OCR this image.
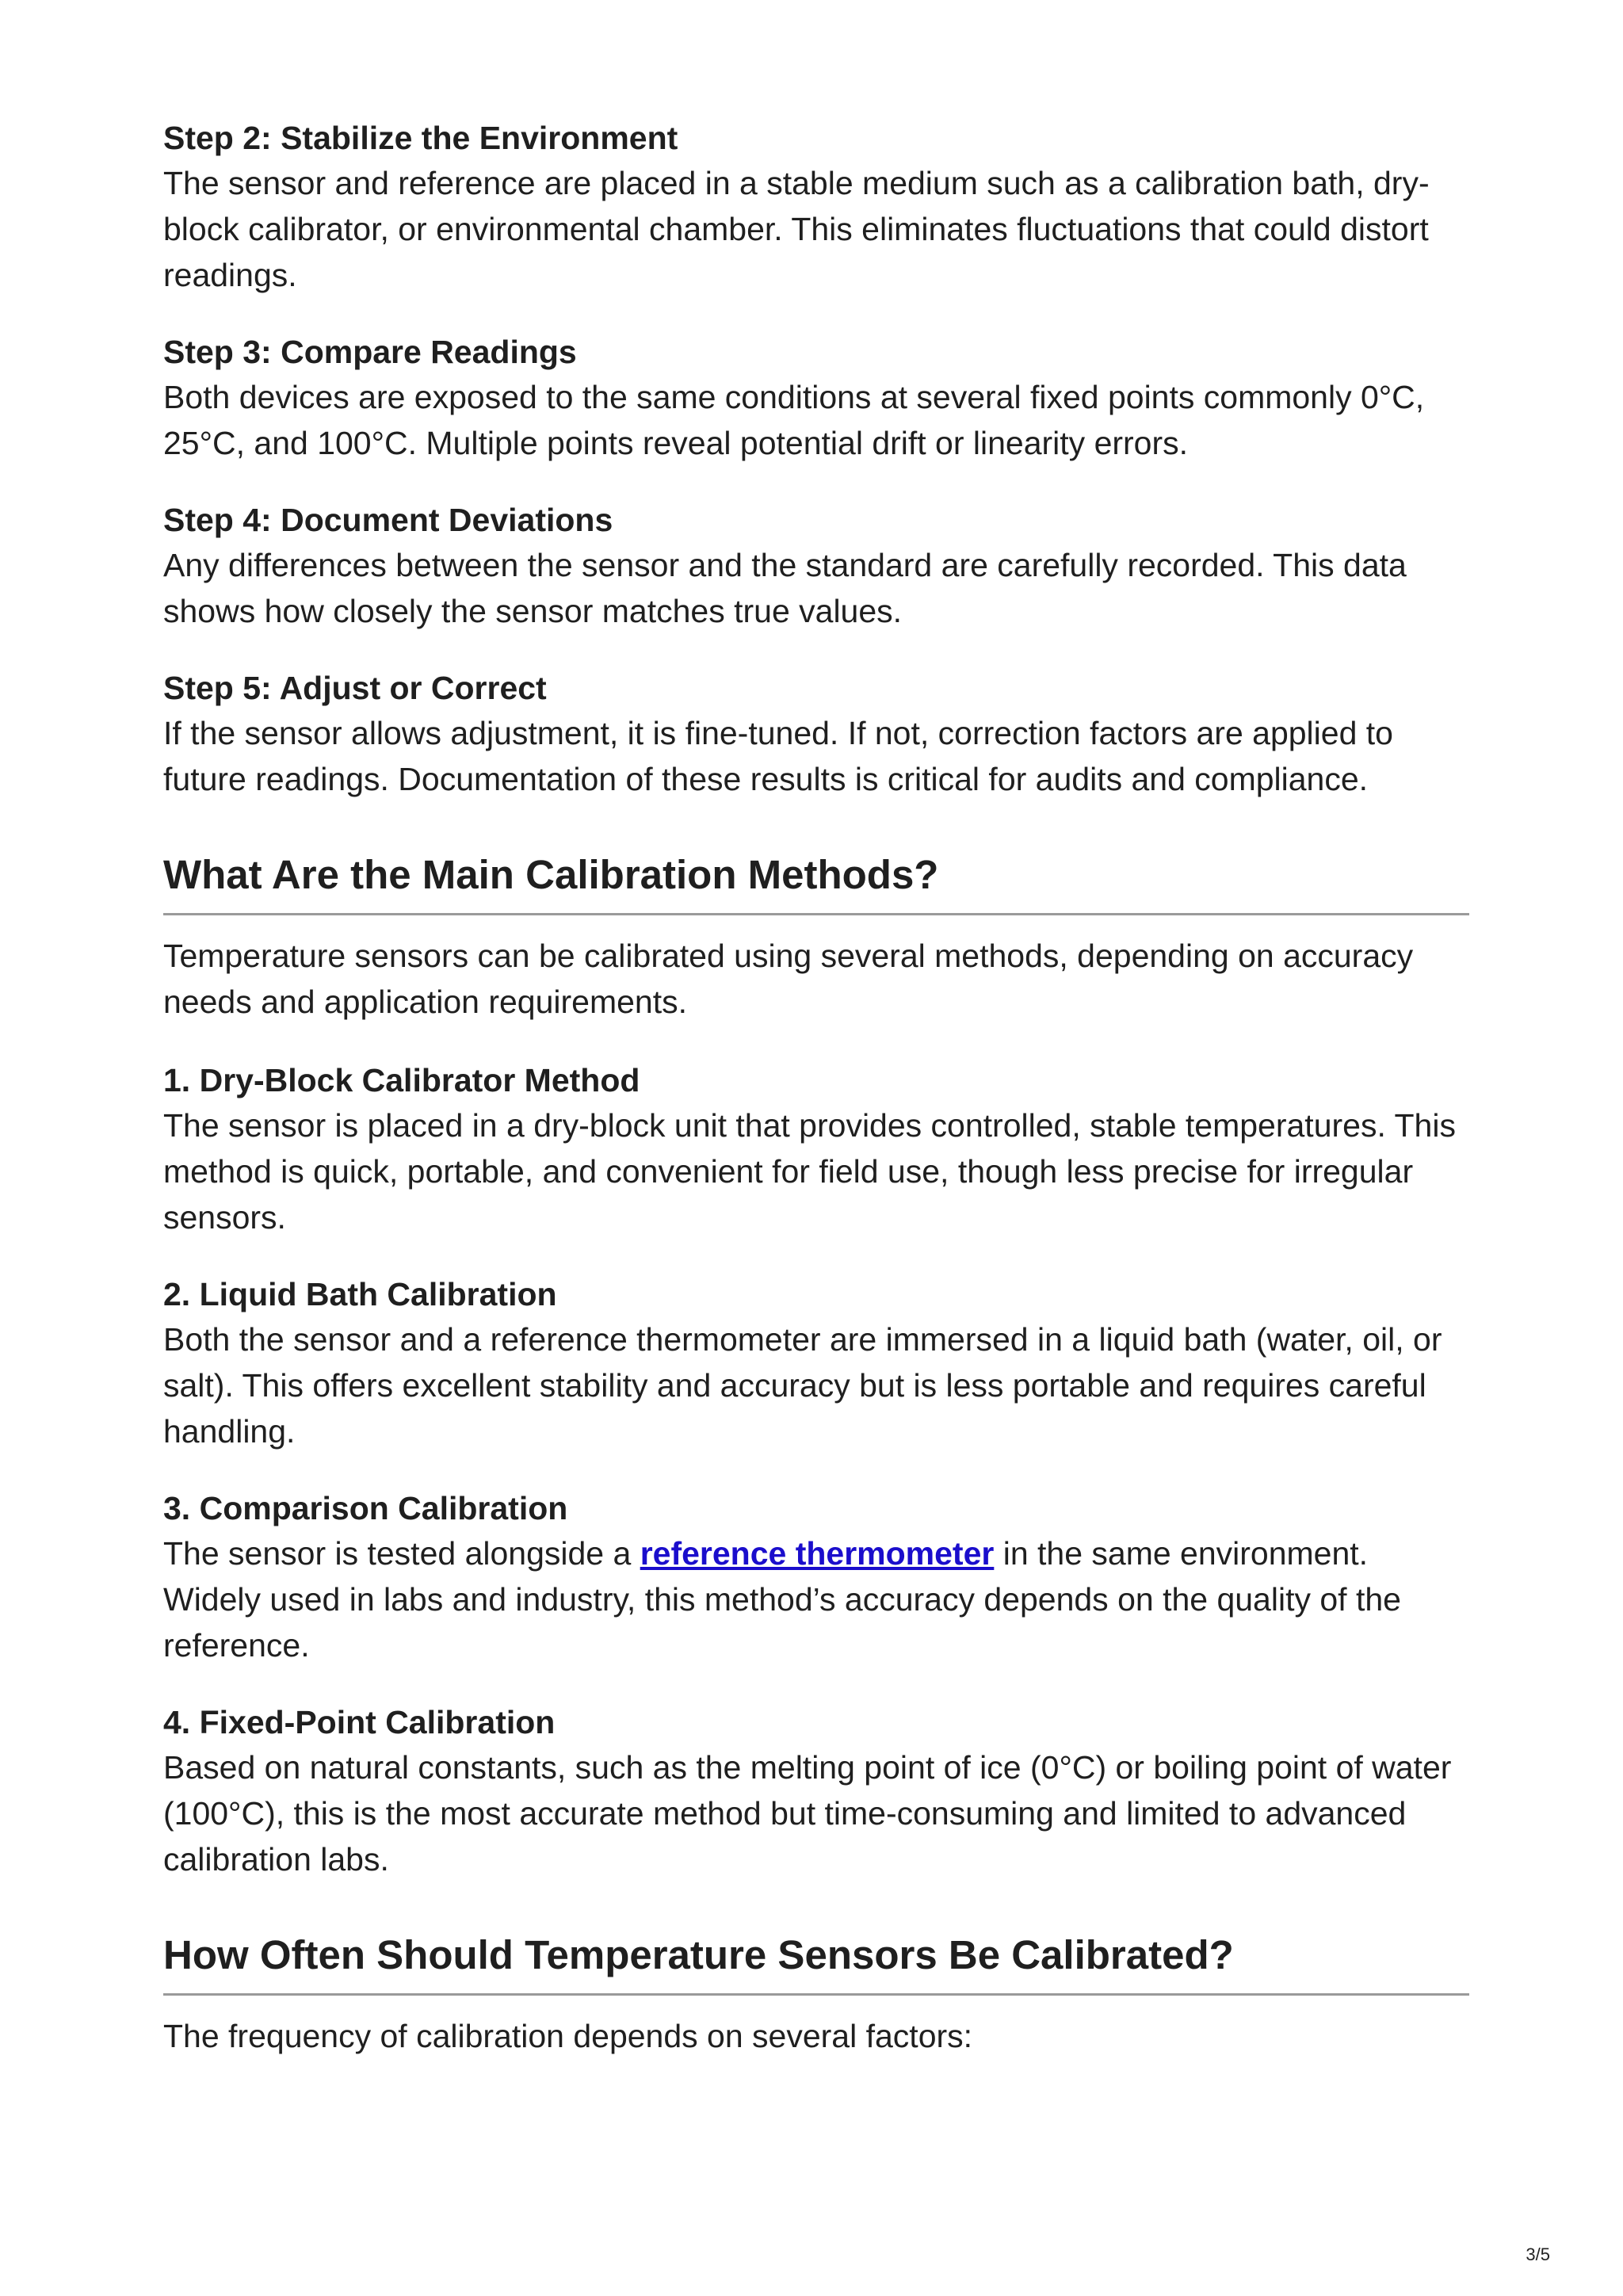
Step 2: Stabilize the Environment

The sensor and reference are placed in a stable medium such as a calibration bath, dry-block calibrator, or environmental chamber. This eliminates fluctuations that could distort readings.

Step 3: Compare Readings

Both devices are exposed to the same conditions at several fixed points commonly 0°C, 25°C, and 100°C. Multiple points reveal potential drift or linearity errors.

Step 4: Document Deviations

Any differences between the sensor and the standard are carefully recorded. This data shows how closely the sensor matches true values.

Step 5: Adjust or Correct

If the sensor allows adjustment, it is fine-tuned. If not, correction factors are applied to future readings. Documentation of these results is critical for audits and compliance.

What Are the Main Calibration Methods?

Temperature sensors can be calibrated using several methods, depending on accuracy needs and application requirements.

1. Dry-Block Calibrator Method

The sensor is placed in a dry-block unit that provides controlled, stable temperatures. This method is quick, portable, and convenient for field use, though less precise for irregular sensors.

2. Liquid Bath Calibration

Both the sensor and a reference thermometer are immersed in a liquid bath (water, oil, or salt). This offers excellent stability and accuracy but is less portable and requires careful handling.

3. Comparison Calibration

The sensor is tested alongside a reference thermometer in the same environment. Widely used in labs and industry, this method’s accuracy depends on the quality of the reference.

4. Fixed-Point Calibration

Based on natural constants, such as the melting point of ice (0°C) or boiling point of water (100°C), this is the most accurate method but time-consuming and limited to advanced calibration labs.

How Often Should Temperature Sensors Be Calibrated?

The frequency of calibration depends on several factors:

3/5
